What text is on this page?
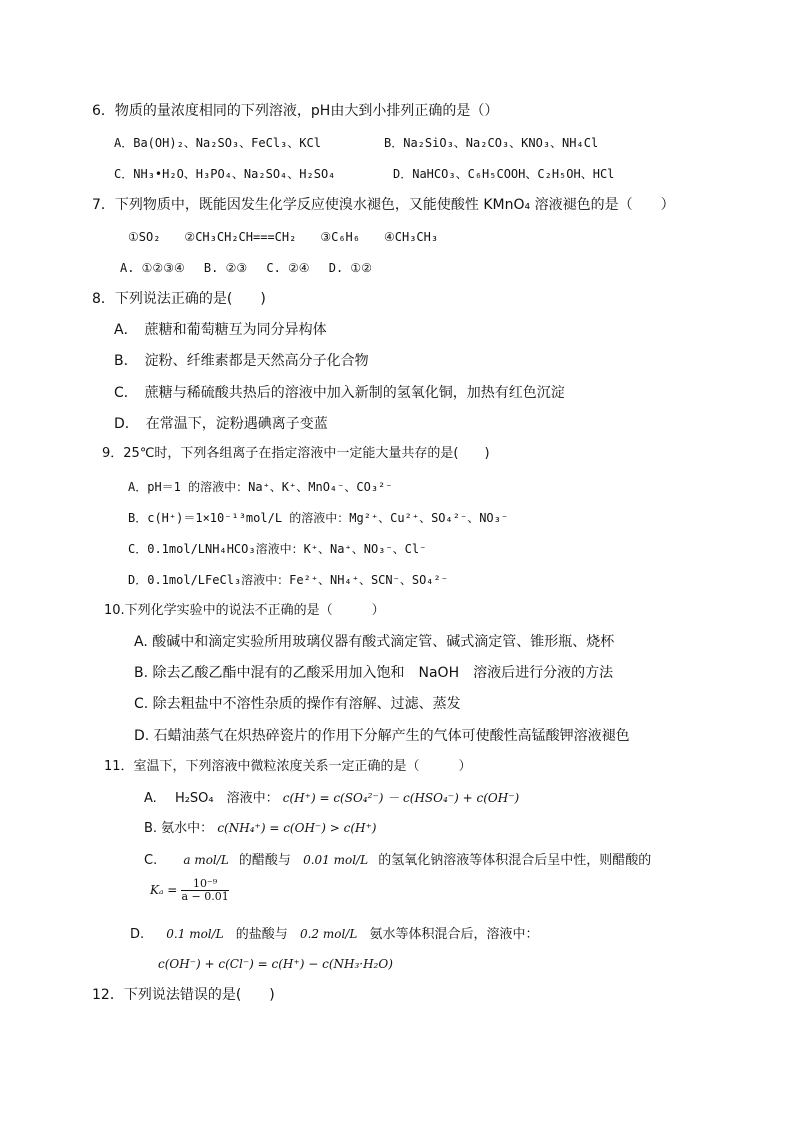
6．物质的量浓度相同的下列溶液，pH由大到小排列正确的是（）
A．Ba(OH)₂、Na₂SO₃、FeCl₃、KCl	B．Na₂SiO₃、Na₂CO₃、KNO₃、NH₄Cl
C．NH₃•H₂O、H₃PO₄、Na₂SO₄、H₂SO₄	D．NaHCO₃、C₆H₅COOH、C₂H₅OH、HCl
7．下列物质中，既能因发生化学反应使溴水褪色，又能使酸性 KMnO₄ 溶液褪色的是（　　）
①SO₂　　②CH₃CH₂CH===CH₂　　③C₆H₆　　④CH₃CH₃
A. ①②③④　 B. ②③　 C. ②④　 D. ①②
8．下列说法正确的是(　　)
A．　蔗糖和葡萄糖互为同分异构体
B．　淀粉、纤维素都是天然高分子化合物
C．　蔗糖与稀硫酸共热后的溶液中加入新制的氢氧化铜，加热有红色沉淀
D．　在常温下，淀粉遇碘离子变蓝
9．25℃时，下列各组离子在指定溶液中一定能大量共存的是(　　)
A．pH＝1 的溶液中：Na⁺、K⁺、MnO₄⁻、CO₃²⁻
B．c(H⁺)＝1×10⁻¹³mol/L 的溶液中：Mg²⁺、Cu²⁺、SO₄²⁻、NO₃⁻
C．0.1mol/LNH₄HCO₃溶液中：K⁺、Na⁺、NO₃⁻、Cl⁻
D．0.1mol/LFeCl₃溶液中：Fe²⁺、NH₄⁺、SCN⁻、SO₄²⁻
10.下列化学实验中的说法不正确的是（　　　）
A. 酸碱中和滴定实验所用玻璃仪器有酸式滴定管、碱式滴定管、锥形瓶、烧杯
B. 除去乙酸乙酯中混有的乙酸采用加入饱和　NaOH　溶液后进行分液的方法
C. 除去粗盐中不溶性杂质的操作有溶解、过滤、蒸发
D. 石蜡油蒸气在炽热碎瓷片的作用下分解产生的气体可使酸性高锰酸钾溶液褪色
11．室温下，下列溶液中微粒浓度关系一定正确的是（　　　）
A. H₂SO₄　溶液中： c(H⁺) = c(SO₄²⁻) － c(HSO₄⁻) + c(OH⁻)
B. 氨水中： c(NH₄⁺) = c(OH⁻) > c(H⁺)
C. a mol/L 的醋酸与 0.01 mol/L 的氢氧化钠溶液等体积混合后呈中性，则醋酸的
$K_a = \frac{\text{10⁻⁹}}{a - 0.01}$
D. 0.1 mol/L 的盐酸与 0.2 mol/L 氨水等体积混合后，溶液中：
c(OH⁻) + c(Cl⁻) = c(H⁺) − c(NH₃·H₂O)
12．下列说法错误的是(　　)
